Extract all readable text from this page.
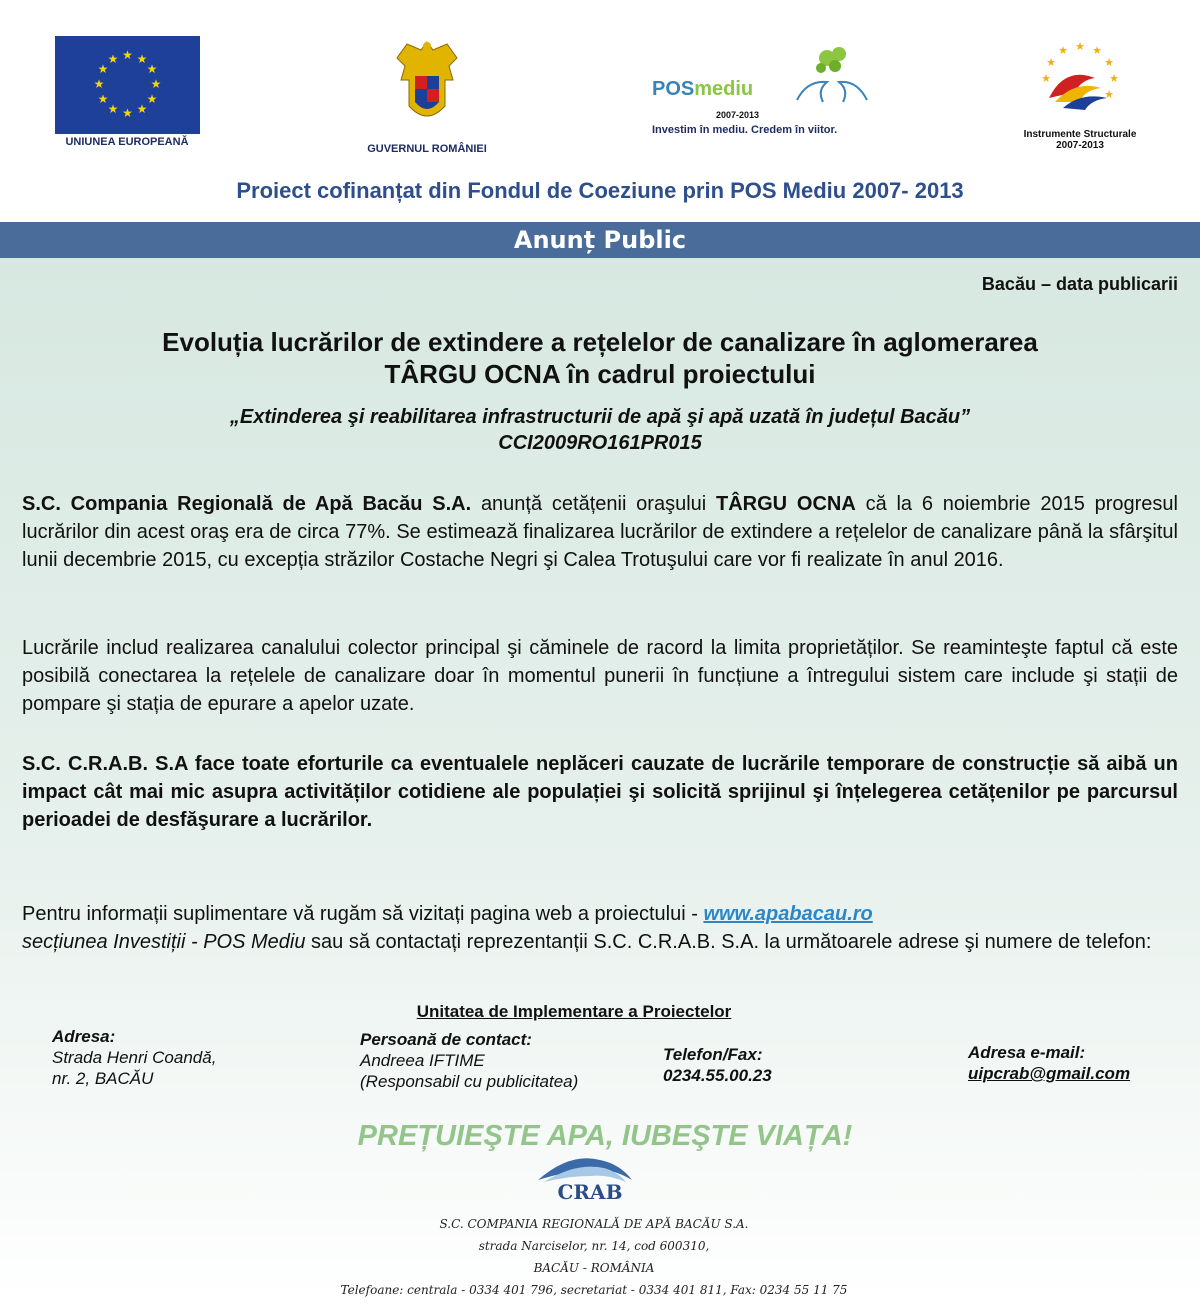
★ ★
★
★
★
★
★
★
★
★
★
★
UNIUNEA EUROPEANĂ
GUVERNUL ROMÂNIEI
POSmediu
2007-2013
Investim în mediu. Credem în viitor.
★ ★
★
★
★
★
★
★
Instrumente Structurale
2007-2013
Proiect cofinanțat din Fondul de Coeziune prin POS Mediu 2007- 2013
Anunț Public
Bacău – data publicarii
Evoluția lucrărilor de extindere a rețelelor de canalizare în aglomerarea
TÂRGU OCNA în cadrul proiectului
„Extinderea şi reabilitarea infrastructurii de apă şi apă uzată în județul Bacău”
CCI2009RO161PR015
S.C. Compania Regională de Apă Bacău S.A. anunță cetățenii oraşului TÂRGU OCNA că la 6 noiembrie 2015 progresul lucrărilor din acest oraş era de circa 77%. Se estimează finalizarea lucrărilor de extindere a rețelelor de canalizare până la sfârşitul lunii decembrie 2015, cu excepția străzilor Costache Negri şi Calea Trotuşului care vor fi realizate în anul 2016.
Lucrările includ realizarea canalului colector principal şi căminele de racord la limita proprietăților. Se reaminteşte faptul că este posibilă conectarea la rețelele de canalizare doar în momentul punerii în funcțiune a întregului sistem care include şi stații de pompare şi stația de epurare a apelor uzate.
S.C. C.R.A.B. S.A face toate eforturile ca eventualele neplăceri cauzate de lucrările temporare de construcție să aibă un impact cât mai mic asupra activităților cotidiene ale populației şi solicită sprijinul şi înțelegerea cetățenilor pe parcursul perioadei de desfăşurare a lucrărilor.
Pentru informații suplimentare vă rugăm să vizitați pagina web a proiectului - www.apabacau.ro
secțiunea Investiții - POS Mediu sau să contactați reprezentanții S.C. C.R.A.B. S.A. la următoarele adrese şi numere de telefon:
Unitatea de Implementare a Proiectelor
Adresa:
Strada Henri Coandă,
nr. 2, BACĂU
Persoană de contact:
Andreea IFTIME
(Responsabil cu publicitatea)
Telefon/Fax:
0234.55.00.23
Adresa e-mail:
uipcrab@gmail.com
PREȚUIEŞTE APA, IUBEŞTE VIAȚA!
CRAB
S.C. COMPANIA REGIONALĂ DE APĂ BACĂU S.A.
strada Narciselor, nr. 14, cod 600310,
BACĂU - ROMÂNIA
Telefoane: centrala - 0334 401 796, secretariat - 0334 401 811, Fax: 0234 55 11 75
